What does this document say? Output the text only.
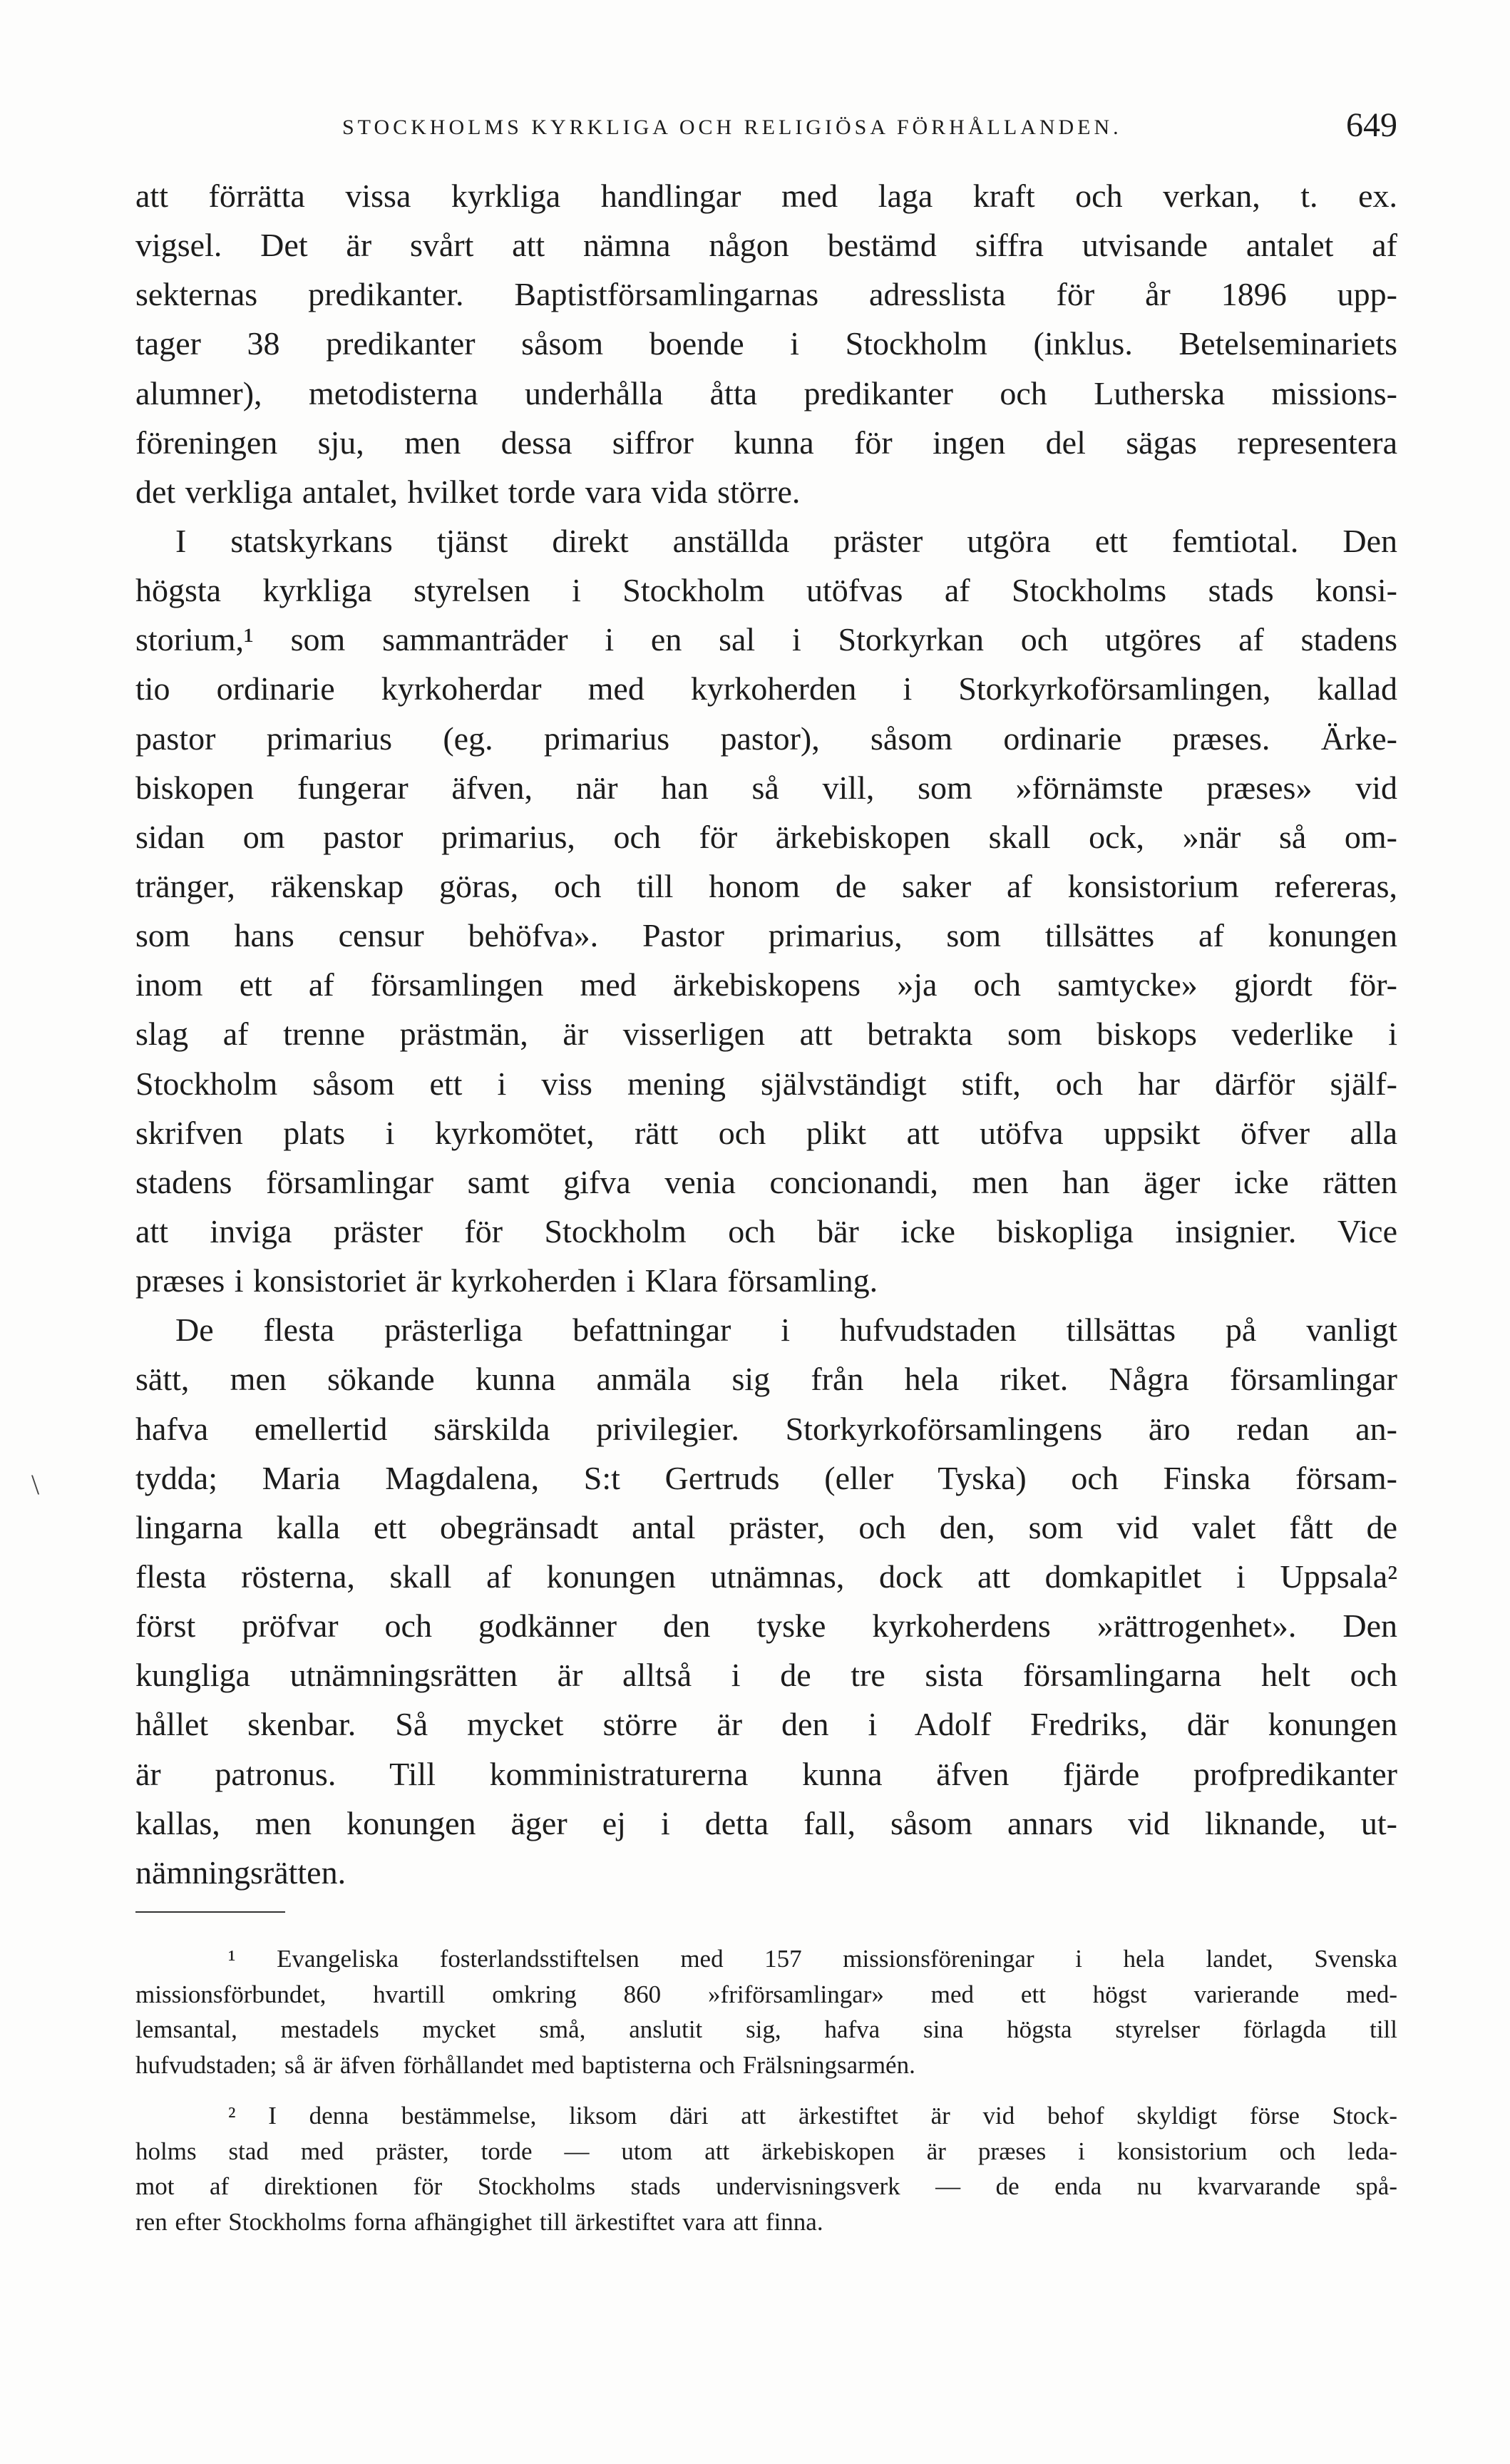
STOCKHOLMS KYRKLIGA OCH RELIGIÖSA FÖRHÅLLANDEN.	649
\
att förrätta vissa kyrkliga handlingar med laga kraft och verkan, t. ex.
vigsel. Det är svårt att nämna någon bestämd siffra utvisande antalet af
sekternas predikanter. Baptistförsamlingarnas adresslista för år 1896 upp-
tager 38 predikanter såsom boende i Stockholm (inklus. Betelseminariets
alumner), metodisterna underhålla åtta predikanter och Lutherska missions-
föreningen sju, men dessa siffror kunna för ingen del sägas representera
det verkliga antalet, hvilket torde vara vida större.
I statskyrkans tjänst direkt anställda präster utgöra ett femtiotal. Den
högsta kyrkliga styrelsen i Stockholm utöfvas af Stockholms stads konsi-
storium,¹ som sammanträder i en sal i Storkyrkan och utgöres af stadens
tio ordinarie kyrkoherdar med kyrkoherden i Storkyrkoförsamlingen, kallad
pastor primarius (eg. primarius pastor), såsom ordinarie præses. Ärke-
biskopen fungerar äfven, när han så vill, som »förnämste præses» vid
sidan om pastor primarius, och för ärkebiskopen skall ock, »när så om-
tränger, räkenskap göras, och till honom de saker af konsistorium refereras,
som hans censur behöfva». Pastor primarius, som tillsättes af konungen
inom ett af församlingen med ärkebiskopens »ja och samtycke» gjordt för-
slag af trenne prästmän, är visserligen att betrakta som biskops vederlike i
Stockholm såsom ett i viss mening självständigt stift, och har därför själf-
skrifven plats i kyrkomötet, rätt och plikt att utöfva uppsikt öfver alla
stadens församlingar samt gifva venia concionandi, men han äger icke rätten
att inviga präster för Stockholm och bär icke biskopliga insignier. Vice
præses i konsistoriet är kyrkoherden i Klara församling.
De flesta prästerliga befattningar i hufvudstaden tillsättas på vanligt
sätt, men sökande kunna anmäla sig från hela riket. Några församlingar
hafva emellertid särskilda privilegier. Storkyrkoförsamlingens äro redan an-
tydda; Maria Magdalena, S:t Gertruds (eller Tyska) och Finska försam-
lingarna kalla ett obegränsadt antal präster, och den, som vid valet fått de
flesta rösterna, skall af konungen utnämnas, dock att domkapitlet i Uppsala²
först pröfvar och godkänner den tyske kyrkoherdens »rättrogenhet». Den
kungliga utnämningsrätten är alltså i de tre sista församlingarna helt och
hållet skenbar. Så mycket större är den i Adolf Fredriks, där konungen
är patronus. Till komministraturerna kunna äfven fjärde profpredikanter
kallas, men konungen äger ej i detta fall, såsom annars vid liknande, ut-
nämningsrätten.
¹ Evangeliska fosterlandsstiftelsen med 157 missionsföreningar i hela landet, Svenska
missionsförbundet, hvartill omkring 860 »friförsamlingar» med ett högst varierande med-
lemsantal, mestadels mycket små, anslutit sig, hafva sina högsta styrelser förlagda till
hufvudstaden; så är äfven förhållandet med baptisterna och Frälsningsarmén.
² I denna bestämmelse, liksom däri att ärkestiftet är vid behof skyldigt förse Stock-
holms stad med präster, torde — utom att ärkebiskopen är præses i konsistorium och leda-
mot af direktionen för Stockholms stads undervisningsverk — de enda nu kvarvarande spå-
ren efter Stockholms forna afhängighet till ärkestiftet vara att finna.
